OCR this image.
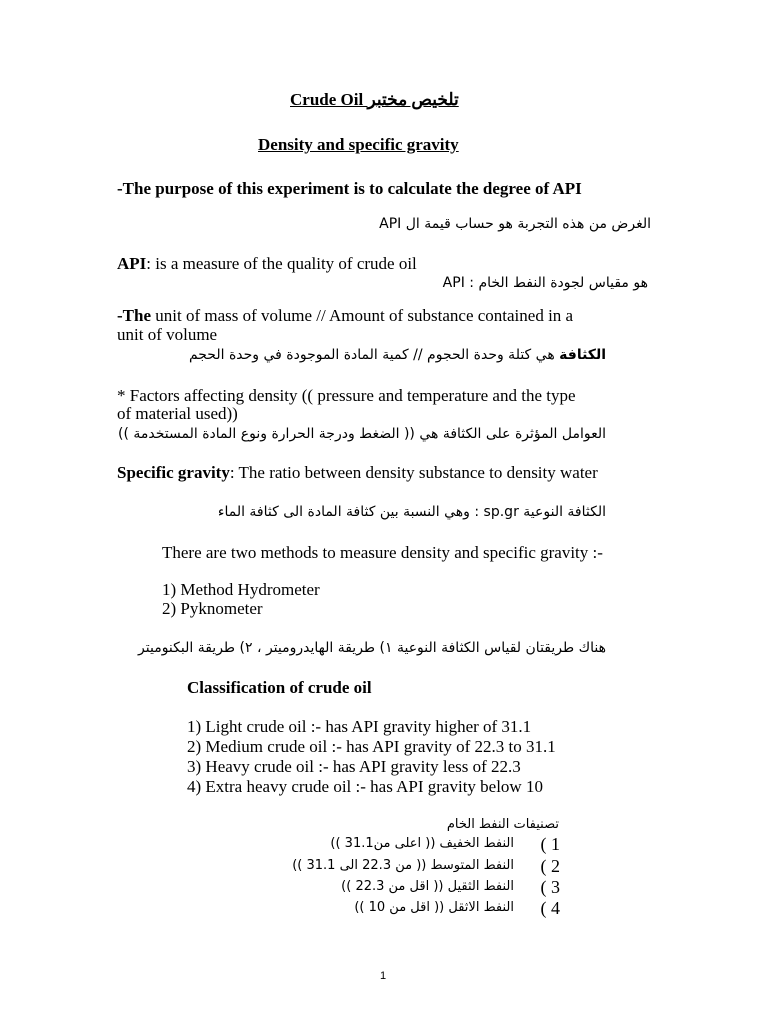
Crude Oil تلخيص مختبر
Density and specific gravity
-The purpose of this experiment is to calculate the degree of API
الغرض من هذه التجربة هو حساب قيمة ال API
API: is a measure of the quality of crude oil
API : هو مقياس لجودة النفط الخام
-The unit of mass of volume // Amount of substance contained in a
unit of volume
الكثافة هي كتلة وحدة الحجوم // كمية المادة الموجودة في وحدة الحجم
* Factors affecting density (( pressure and temperature and the type
of material used))
العوامل المؤثرة على الكثافة هي (( الضغط ودرجة الحرارة ونوع المادة المستخدمة ))
Specific gravity: The ratio between density substance to density water
الكثافة النوعية sp.gr : وهي النسبة بين كثافة المادة الى كثافة الماء
There are two methods to measure density and specific gravity :-
1) Method Hydrometer
2) Pyknometer
هناك طريقتان لقياس الكثافة النوعية ١) طريقة الهايدروميتر ، ٢) طريقة البكنوميتر
Classification of crude oil
1) Light crude oil :- has API gravity higher of 31.1
2) Medium crude oil :- has API gravity of 22.3 to 31.1
3) Heavy crude oil :- has API gravity less of 22.3
4) Extra heavy crude oil :- has API gravity below 10
تصنيفات النفط الخام
النفط الخفيف (( اعلى من31.1 )) 1 )
النفط المتوسط (( من 22.3 الى 31.1 )) 2 )
النفط الثقيل (( اقل من 22.3 )) 3 )
النفط الاثقل (( اقل من 10 )) 4 )
1
